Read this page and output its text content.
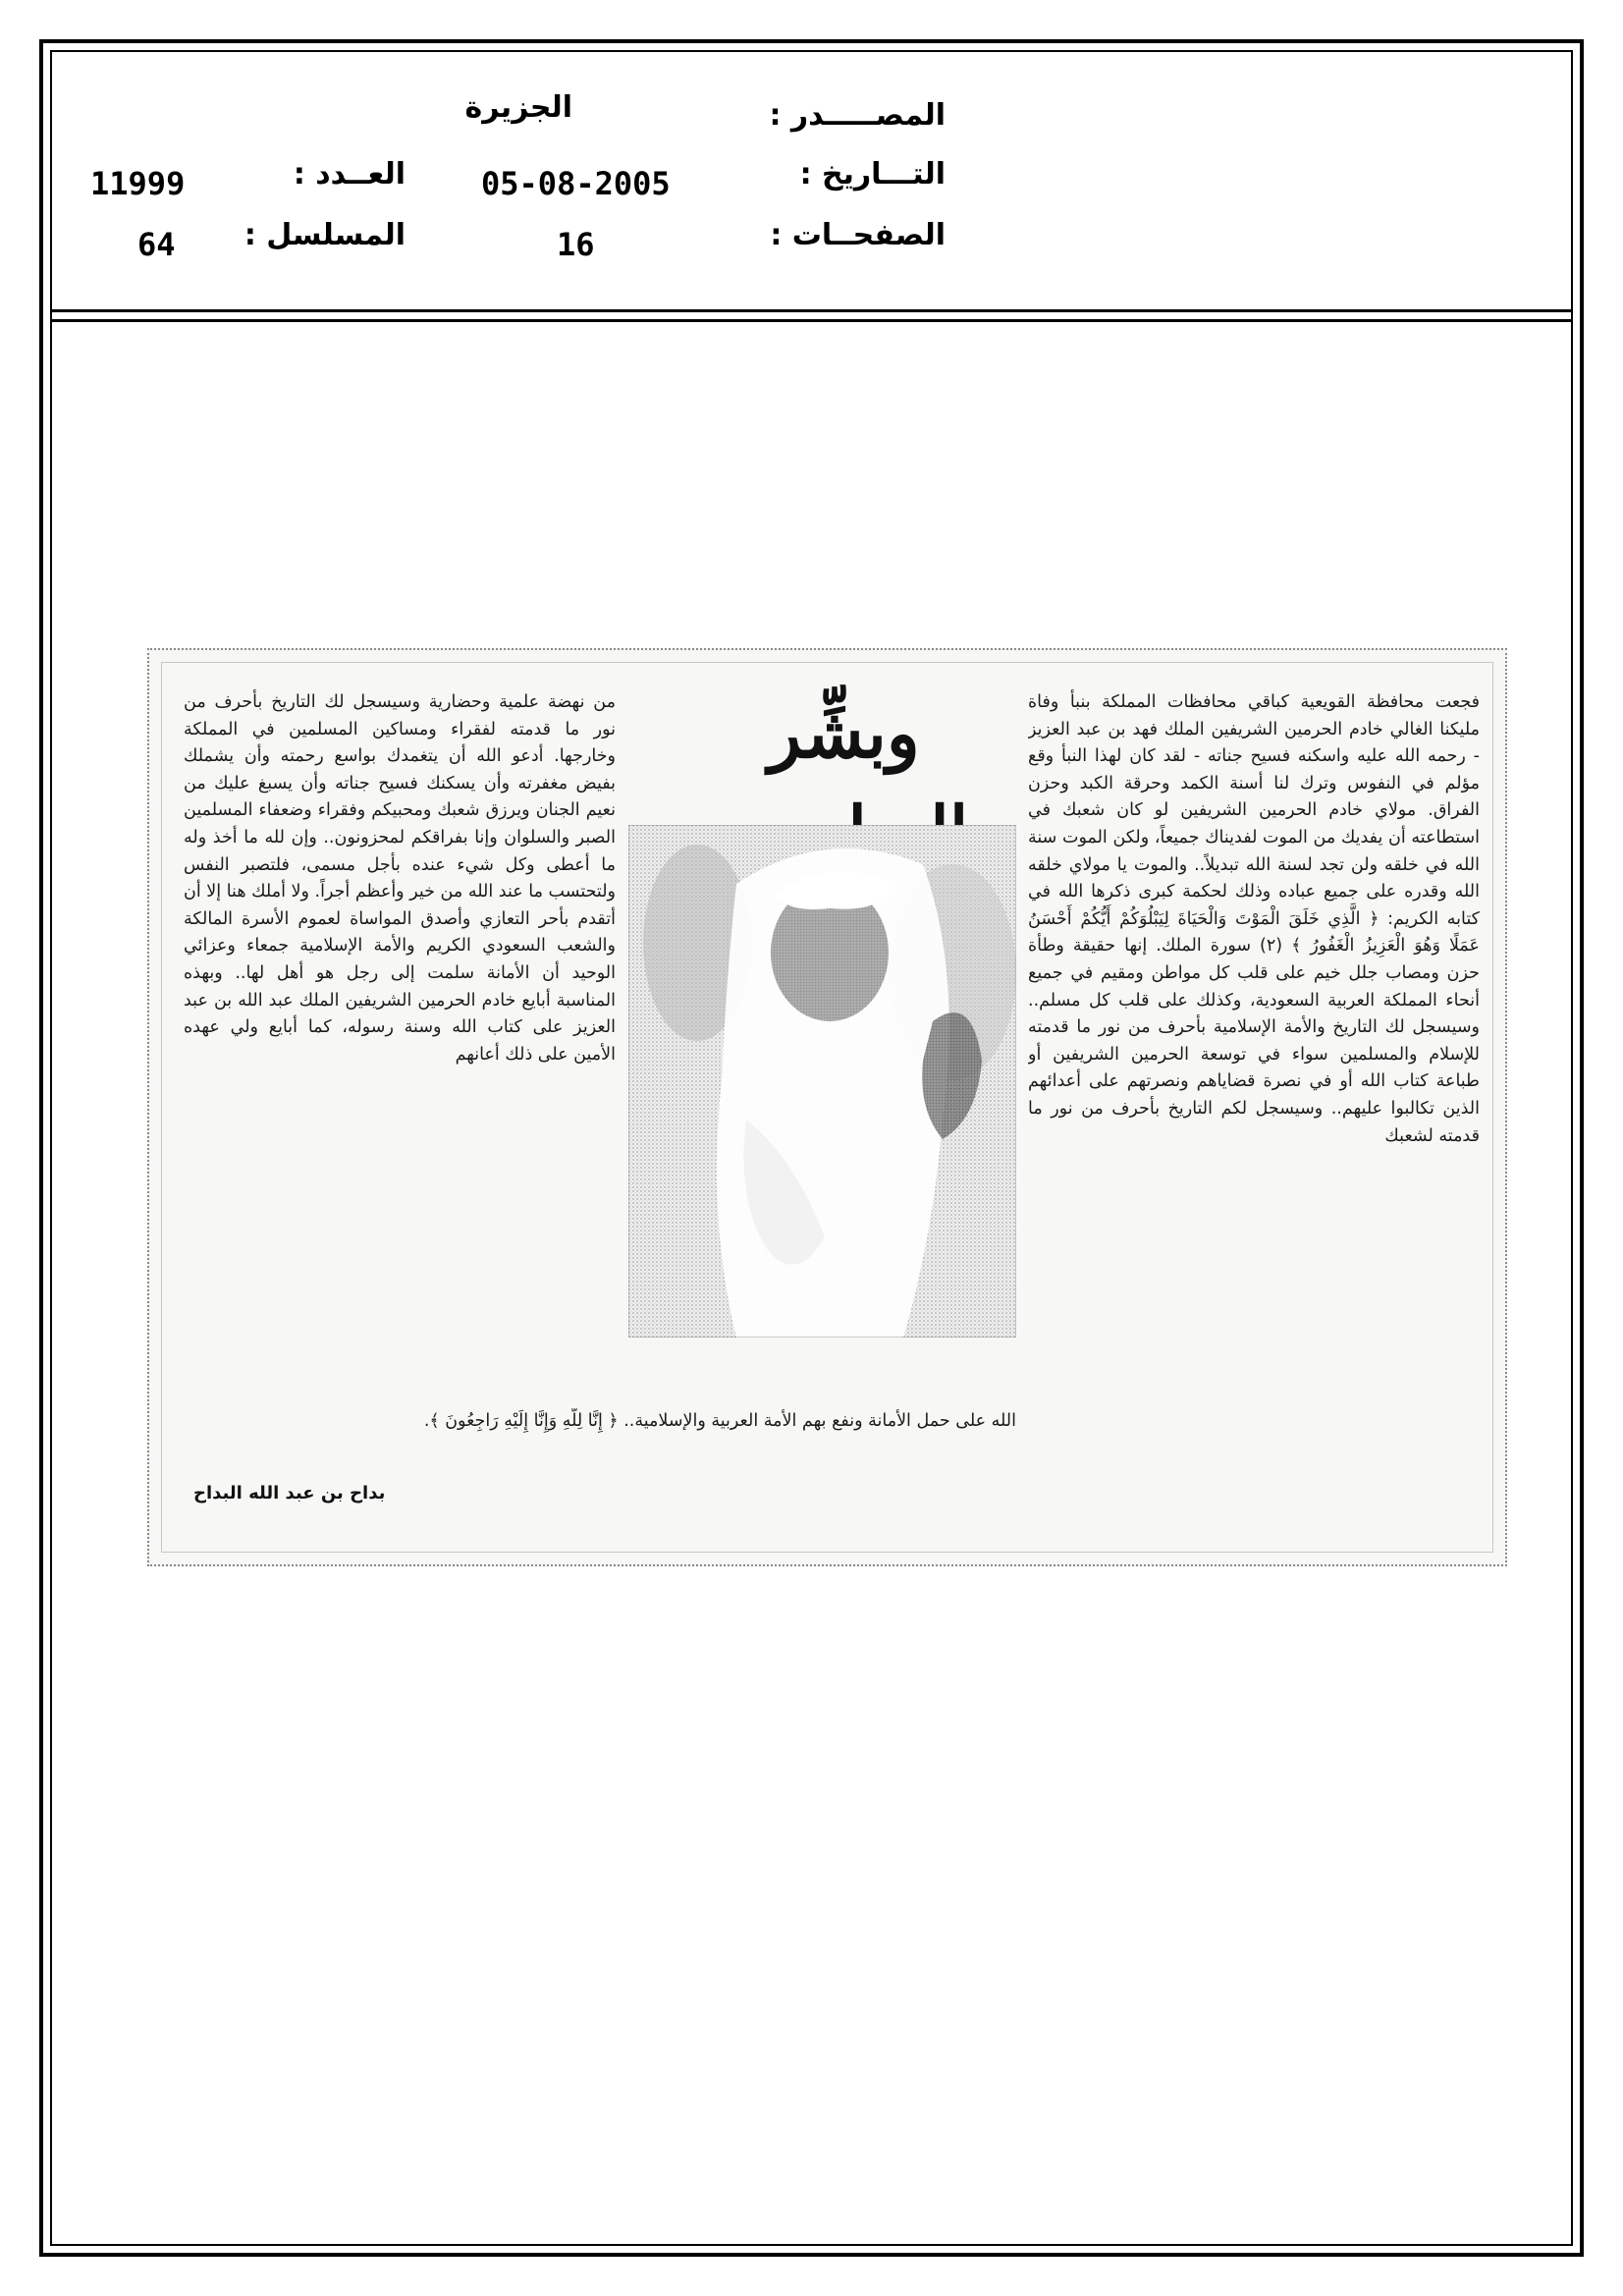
المصـــــدر :
الجزيرة
التـــاريخ :
05-08-2005
العــدد :
11999
الصفحــات :
16
المسلسل :
64
وبشِّر	فجعت محافظة القويعية كباقي محافظات المملكة بنبأ وفاة مليكنا الغالي خادم الحرمين الشريفين الملك فهد بن عبد العزيز - رحمه الله عليه واسكنه فسيح جناته - لقد كان لهذا النبأ وقع مؤلم في النفوس وترك لنا أسنة الكمد وحرقة الكبد وحزن الفراق. مولاي خادم الحرمين الشريفين لو كان شعبك في استطاعته أن يفديك من الموت لفديناك جميعاً، ولكن الموت سنة الله في خلقه ولن تجد لسنة الله تبديلاً.. والموت يا مولاي خلقه الله وقدره على جميع عباده وذلك لحكمة كبرى ذكرها الله في كتابه الكريم: ﴿ الَّذِي خَلَقَ الْمَوْتَ وَالْحَيَاةَ لِيَبْلُوَكُمْ أَيُّكُمْ أَحْسَنُ عَمَلًا وَهُوَ الْعَزِيزُ الْغَفُورُ ﴾ (٢) سورة الملك. إنها حقيقة وطأة حزن ومصاب جلل خيم على قلب كل مواطن ومقيم في جميع أنحاء المملكة العربية السعودية، وكذلك على قلب كل مسلم.. وسيسجل لك التاريخ والأمة الإسلامية بأحرف من نور ما قدمته للإسلام والمسلمين سواء في توسعة الحرمين الشريفين أو طباعة كتاب الله أو في نصرة قضاياهم ونصرتهم على أعدائهم الذين تكالبوا عليهم.. وسيسجل لكم التاريخ بأحرف من نور ما قدمته لشعبك
من نهضة علمية وحضارية وسيسجل لك التاريخ بأحرف من نور ما قدمته لفقراء ومساكين المسلمين في المملكة وخارجها. أدعو الله أن يتغمدك بواسع رحمته وأن يشملك بفيض مغفرته وأن يسكنك فسيح جناته وأن يسبغ عليك من نعيم الجنان ويرزق شعبك ومحبيكم وفقراء وضعفاء المسلمين الصبر والسلوان وإنا بفراقكم لمحزونون.. وإن لله ما أخذ وله ما أعطى وكل شيء عنده بأجل مسمى، فلتصبر النفس ولتحتسب ما عند الله من خير وأعظم أجراً. ولا أملك هنا إلا أن أتقدم بأحر التعازي وأصدق المواساة لعموم الأسرة المالكة والشعب السعودي الكريم والأمة الإسلامية جمعاء وعزائي الوحيد أن الأمانة سلمت إلى رجل هو أهل لها.. وبهذه المناسبة أبايع خادم الحرمين الشريفين الملك عبد الله بن عبد العزيز على كتاب الله وسنة رسوله، كما أبايع ولي عهده الأمين على ذلك أعانهم
الله على حمل الأمانة ونفع بهم الأمة العربية والإسلامية.. ﴿ إِنَّا لِلَّهِ وَإِنَّا إِلَيْهِ رَاجِعُونَ ﴾.
بداح بن عبد الله البداح
